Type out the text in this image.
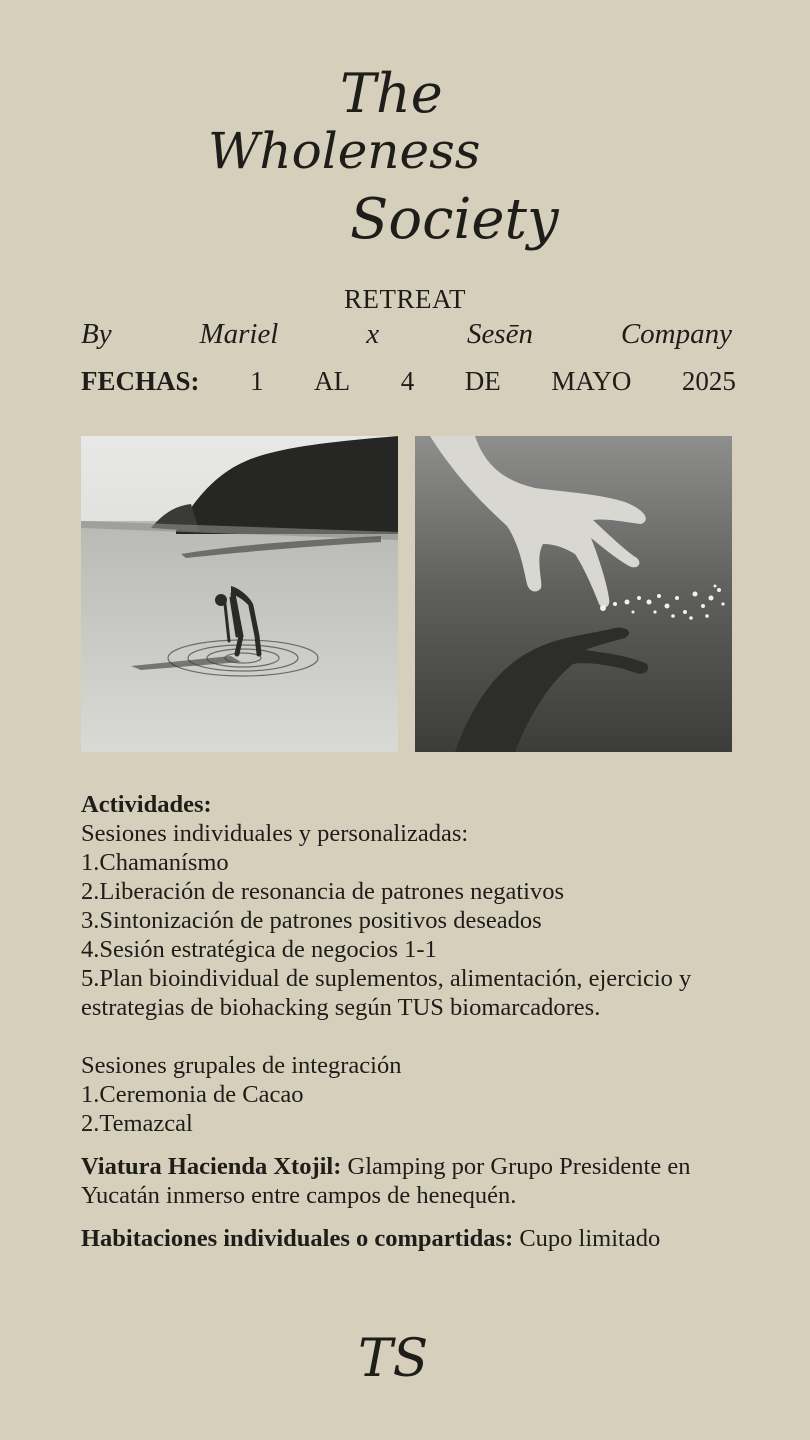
The
Wholeness
Society
RETREAT
By	Mariel	x	Sesēn	Company
FECHAS: 1 AL 4 DE MAYO 2025

Actividades:

Sesiones individuales y personalizadas:

1.Chamanísmo

2.Liberación de resonancia de patrones negativos

3.Sintonización de patrones positivos deseados

4.Sesión estratégica de negocios 1-1

5.Plan bioindividual de suplementos, alimentación, ejercicio y estrategias de biohacking según TUS biomarcadores.

Sesiones grupales de integración

1.Ceremonia de Cacao

2.Temazcal

Viatura Hacienda Xtojil: Glamping por Grupo Presidente en Yucatán inmerso entre campos de henequén.

Habitaciones individuales o compartidas: Cupo limitado

TS
